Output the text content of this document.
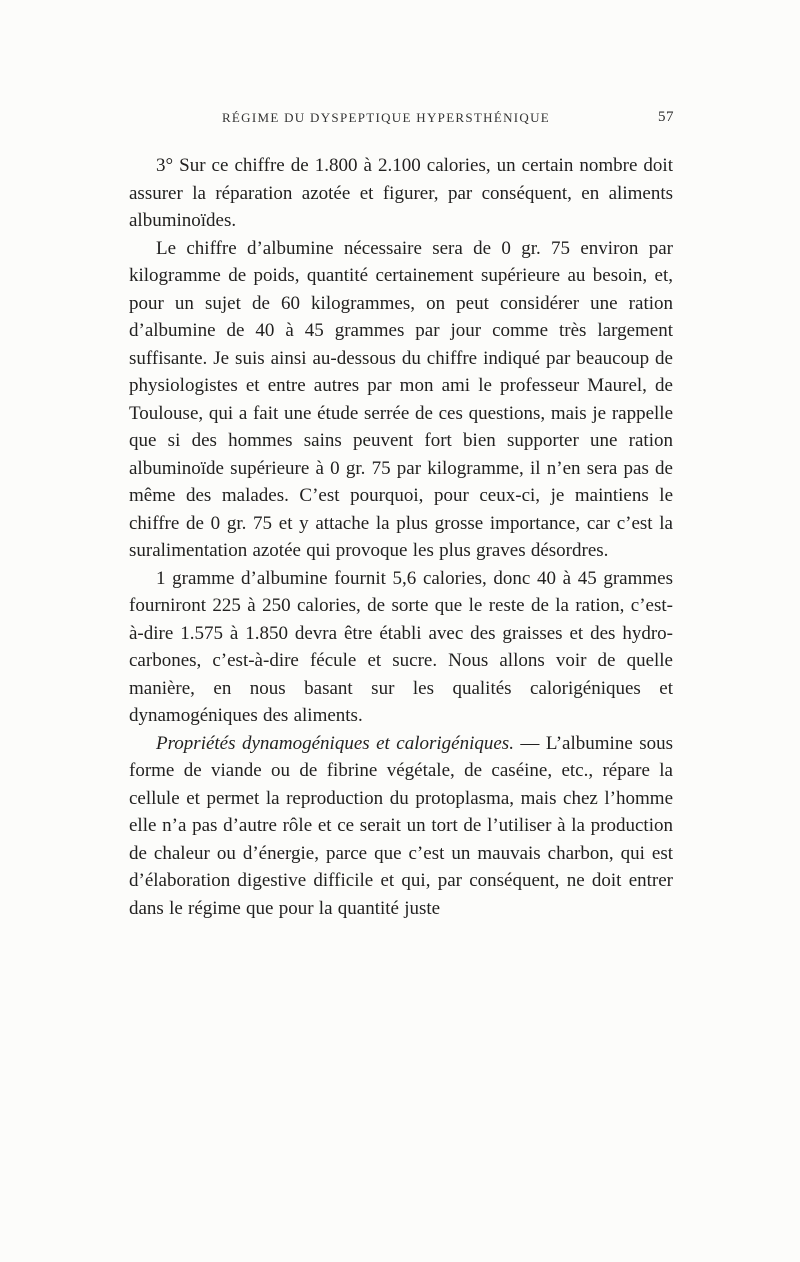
RÉGIME DU DYSPEPTIQUE HYPERSTHÉNIQUE	57

3° Sur ce chiffre de 1.800 à 2.100 calories, un certain nombre doit assurer la réparation azotée et figurer, par conséquent, en aliments albuminoïdes.

Le chiffre d’albumine nécessaire sera de 0 gr. 75 environ par kilogramme de poids, quantité certainement supérieure au besoin, et, pour un sujet de 60 kilogrammes, on peut considérer une ration d’albumine de 40 à 45 grammes par jour comme très largement suffisante. Je suis ainsi au-dessous du chiffre indiqué par beaucoup de physiologistes et entre autres par mon ami le professeur Maurel, de Toulouse, qui a fait une étude serrée de ces questions, mais je rappelle que si des hommes sains peuvent fort bien supporter une ration albuminoïde supérieure à 0 gr. 75 par kilogramme, il n’en sera pas de même des malades. C’est pourquoi, pour ceux-ci, je maintiens le chiffre de 0 gr. 75 et y attache la plus grosse importance, car c’est la suralimentation azotée qui provoque les plus graves désordres.

1 gramme d’albumine fournit 5,6 calories, donc 40 à 45 grammes fourniront 225 à 250 calories, de sorte que le reste de la ration, c’est-à-dire 1.575 à 1.850 devra être établi avec des graisses et des hydro-carbones, c’est-à-dire fécule et sucre. Nous allons voir de quelle manière, en nous basant sur les qualités calorigéniques et dynamogéniques des aliments.

Propriétés dynamogéniques et calorigéniques. — L’albumine sous forme de viande ou de fibrine végétale, de caséine, etc., répare la cellule et permet la reproduction du protoplasma, mais chez l’homme elle n’a pas d’autre rôle et ce serait un tort de l’utiliser à la production de chaleur ou d’énergie, parce que c’est un mauvais charbon, qui est d’élaboration digestive difficile et qui, par conséquent, ne doit entrer dans le régime que pour la quantité juste
